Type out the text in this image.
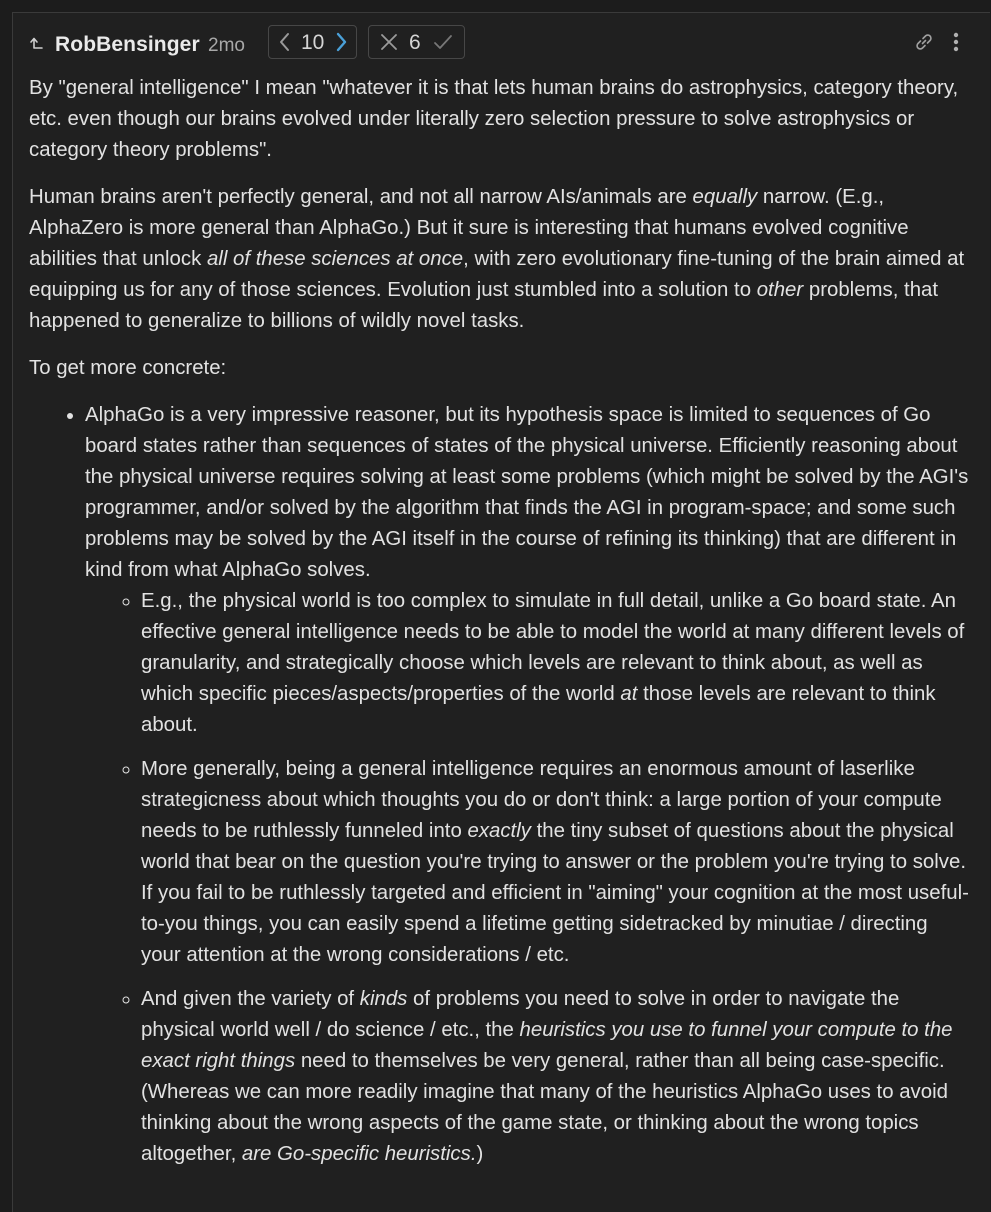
RobBensinger 2mo	10	6

By "general intelligence" I mean "whatever it is that lets human brains do astrophysics, category theory, etc. even though our brains evolved under literally zero selection pressure to solve astrophysics or category theory problems".

Human brains aren't perfectly general, and not all narrow AIs/animals are equally narrow. (E.g., AlphaZero is more general than AlphaGo.) But it sure is interesting that humans evolved cognitive abilities that unlock all of these sciences at once, with zero evolutionary fine-tuning of the brain aimed at equipping us for any of those sciences. Evolution just stumbled into a solution to other problems, that happened to generalize to billions of wildly novel tasks.

To get more concrete:

• AlphaGo is a very impressive reasoner, but its hypothesis space is limited to sequences of Go board states rather than sequences of states of the physical universe. Efficiently reasoning about the physical universe requires solving at least some problems (which might be solved by the AGI's programmer, and/or solved by the algorithm that finds the AGI in program-space; and some such problems may be solved by the AGI itself in the course of refining its thinking) that are different in kind from what AlphaGo solves.
◦ E.g., the physical world is too complex to simulate in full detail, unlike a Go board state. An effective general intelligence needs to be able to model the world at many different levels of granularity, and strategically choose which levels are relevant to think about, as well as which specific pieces/aspects/properties of the world at those levels are relevant to think about.
◦ More generally, being a general intelligence requires an enormous amount of laserlike strategicness about which thoughts you do or don't think: a large portion of your compute needs to be ruthlessly funneled into exactly the tiny subset of questions about the physical world that bear on the question you're trying to answer or the problem you're trying to solve. If you fail to be ruthlessly targeted and efficient in "aiming" your cognition at the most useful-to-you things, you can easily spend a lifetime getting sidetracked by minutiae / directing your attention at the wrong considerations / etc.
◦ And given the variety of kinds of problems you need to solve in order to navigate the physical world well / do science / etc., the heuristics you use to funnel your compute to the exact right things need to themselves be very general, rather than all being case-specific. (Whereas we can more readily imagine that many of the heuristics AlphaGo uses to avoid thinking about the wrong aspects of the game state, or thinking about the wrong topics altogether, are Go-specific heuristics.)
